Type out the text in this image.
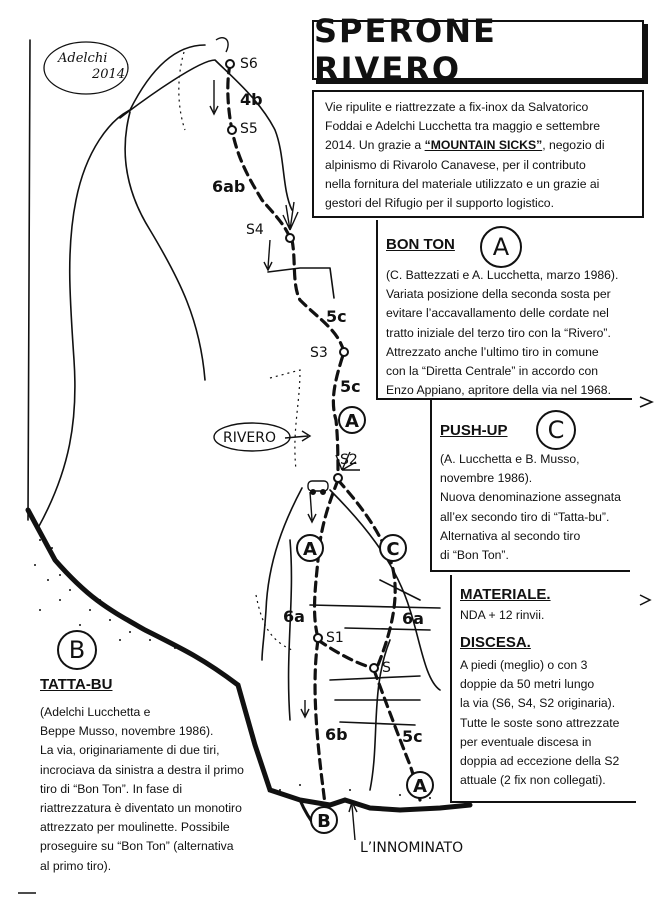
S6
S5
S4
S3
S2
S1
S
4b
6ab
5c
5c
6a	6a
6b	5c
A
A	C
B
A
RIVERO
L’INNOMINATO
Adelchi
2014
SPERONE RIVERO
Vie ripulite e riattrezzate a fix-inox da Salvatorico
Foddai e Adelchi Lucchetta tra maggio e settembre
2014. Un grazie a “MOUNTAIN SICKS”, negozio di
alpinismo di Rivarolo Canavese, per il contributo
nella fornitura del materiale utilizzato e un grazie ai
gestori del Rifugio per il supporto logistico.
BON TON	A
(C. Battezzati e A. Lucchetta, marzo 1986).
Variata posizione della seconda sosta per
evitare l’accavallamento delle cordate nel
tratto iniziale del terzo tiro con la “Rivero”.
Attrezzato anche l’ultimo tiro in comune
con la “Diretta Centrale” in accordo con
Enzo Appiano, apritore della via nel 1968.
PUSH-UP	C
(A. Lucchetta e B. Musso,
novembre 1986).
Nuova denominazione assegnata
all’ex secondo tiro di “Tatta-bu”.
Alternativa al secondo tiro
di “Bon Ton”.
MATERIALE.
NDA + 12 rinvii.
DISCESA.
A piedi (meglio) o con 3
doppie da 50 metri lungo
la via (S6, S4, S2 originaria).
Tutte le soste sono attrezzate
per eventuale discesa in
doppia ad eccezione della S2
attuale (2 fix non collegati).
B
TATTA-BU
(Adelchi Lucchetta e
Beppe Musso, novembre 1986).
La via, originariamente di due tiri,
incrociava da sinistra a destra il primo
tiro di “Bon Ton”. In fase di
riattrezzatura è diventato un monotiro
attrezzato per moulinette. Possibile
proseguire su “Bon Ton” (alternativa
al primo tiro).
